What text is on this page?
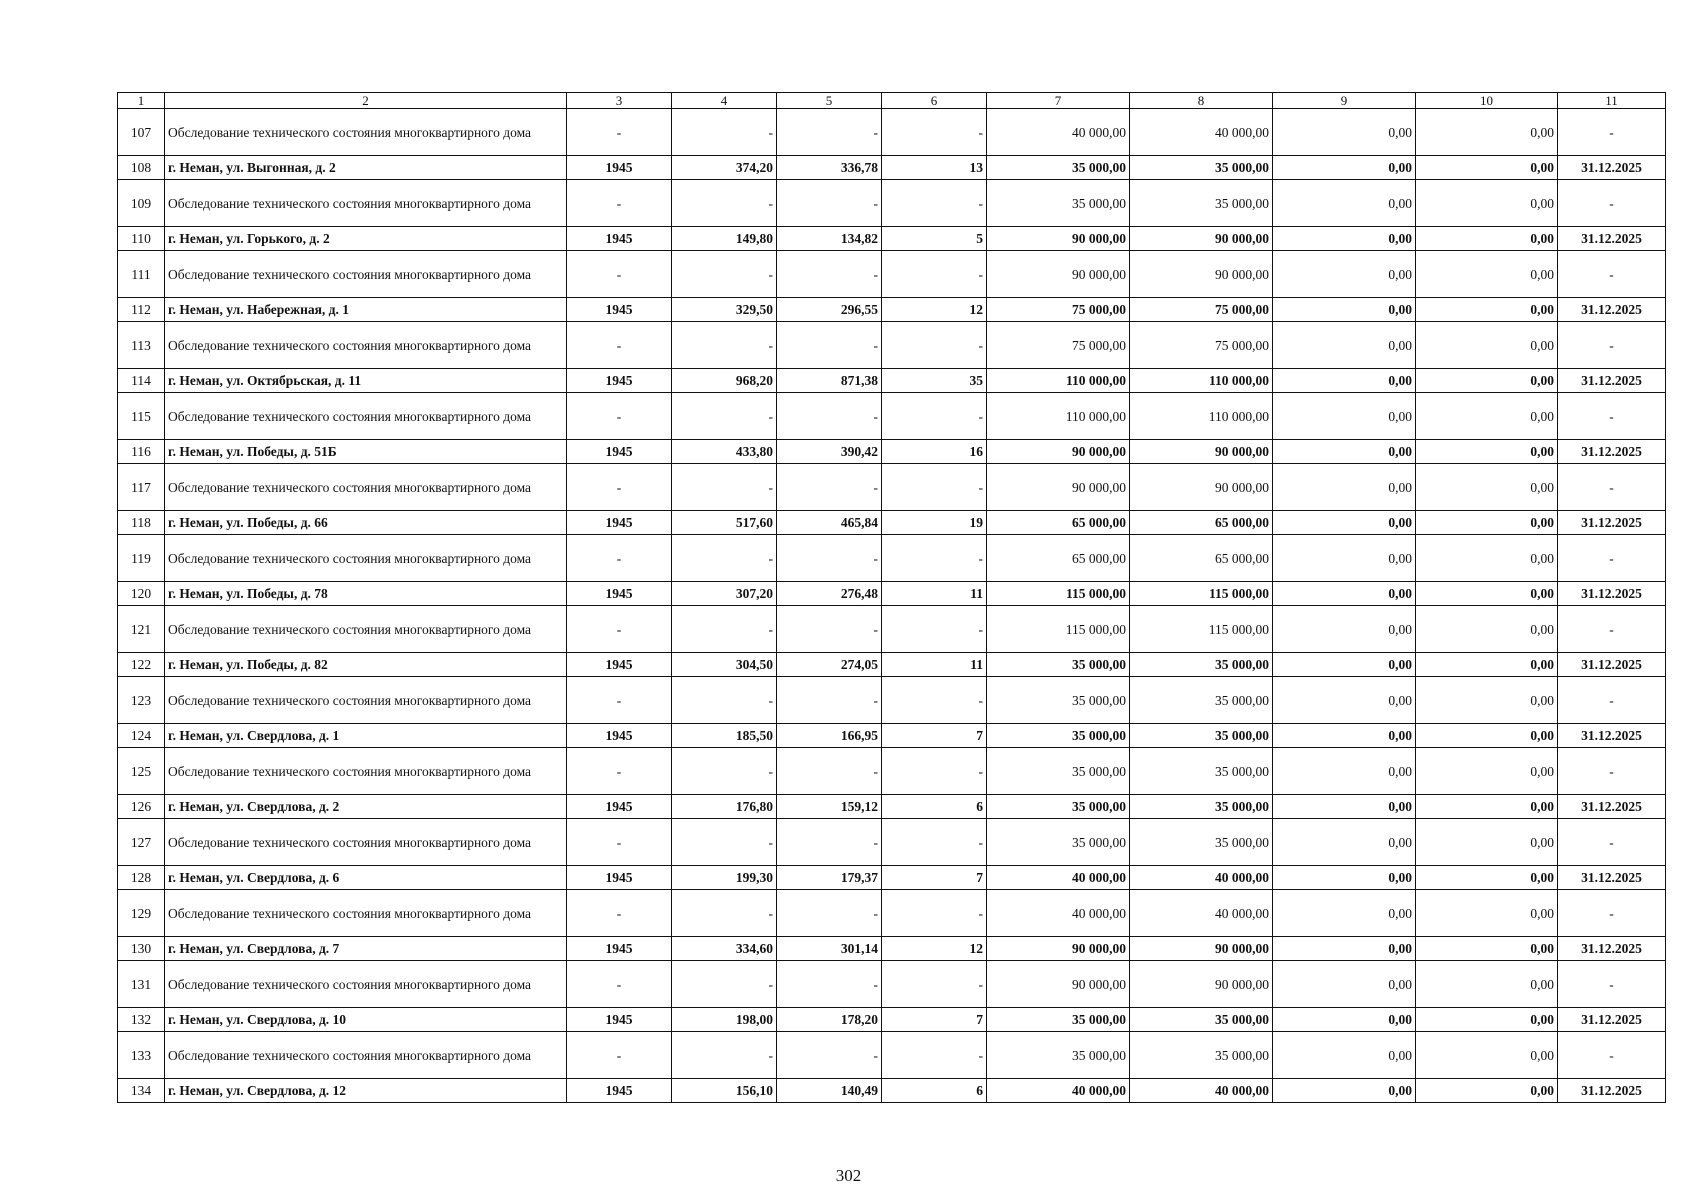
1	2	3	4	5	6	7	8	9	10	11
107	Обследование технического состояния многоквартирного дома	-	-	-	-	40 000,00	40 000,00	0,00	0,00	-
108	г. Неман, ул. Выгонная, д. 2	1945	374,20	336,78	13	35 000,00	35 000,00	0,00	0,00	31.12.2025
109	Обследование технического состояния многоквартирного дома	-	-	-	-	35 000,00	35 000,00	0,00	0,00	-
110	г. Неман, ул. Горького, д. 2	1945	149,80	134,82	5	90 000,00	90 000,00	0,00	0,00	31.12.2025
111	Обследование технического состояния многоквартирного дома	-	-	-	-	90 000,00	90 000,00	0,00	0,00	-
112	г. Неман, ул. Набережная, д. 1	1945	329,50	296,55	12	75 000,00	75 000,00	0,00	0,00	31.12.2025
113	Обследование технического состояния многоквартирного дома	-	-	-	-	75 000,00	75 000,00	0,00	0,00	-
114	г. Неман, ул. Октябрьская, д. 11	1945	968,20	871,38	35	110 000,00	110 000,00	0,00	0,00	31.12.2025
115	Обследование технического состояния многоквартирного дома	-	-	-	-	110 000,00	110 000,00	0,00	0,00	-
116	г. Неман, ул. Победы, д. 51Б	1945	433,80	390,42	16	90 000,00	90 000,00	0,00	0,00	31.12.2025
117	Обследование технического состояния многоквартирного дома	-	-	-	-	90 000,00	90 000,00	0,00	0,00	-
118	г. Неман, ул. Победы, д. 66	1945	517,60	465,84	19	65 000,00	65 000,00	0,00	0,00	31.12.2025
119	Обследование технического состояния многоквартирного дома	-	-	-	-	65 000,00	65 000,00	0,00	0,00	-
120	г. Неман, ул. Победы, д. 78	1945	307,20	276,48	11	115 000,00	115 000,00	0,00	0,00	31.12.2025
121	Обследование технического состояния многоквартирного дома	-	-	-	-	115 000,00	115 000,00	0,00	0,00	-
122	г. Неман, ул. Победы, д. 82	1945	304,50	274,05	11	35 000,00	35 000,00	0,00	0,00	31.12.2025
123	Обследование технического состояния многоквартирного дома	-	-	-	-	35 000,00	35 000,00	0,00	0,00	-
124	г. Неман, ул. Свердлова, д. 1	1945	185,50	166,95	7	35 000,00	35 000,00	0,00	0,00	31.12.2025
125	Обследование технического состояния многоквартирного дома	-	-	-	-	35 000,00	35 000,00	0,00	0,00	-
126	г. Неман, ул. Свердлова, д. 2	1945	176,80	159,12	6	35 000,00	35 000,00	0,00	0,00	31.12.2025
127	Обследование технического состояния многоквартирного дома	-	-	-	-	35 000,00	35 000,00	0,00	0,00	-
128	г. Неман, ул. Свердлова, д. 6	1945	199,30	179,37	7	40 000,00	40 000,00	0,00	0,00	31.12.2025
129	Обследование технического состояния многоквартирного дома	-	-	-	-	40 000,00	40 000,00	0,00	0,00	-
130	г. Неман, ул. Свердлова, д. 7	1945	334,60	301,14	12	90 000,00	90 000,00	0,00	0,00	31.12.2025
131	Обследование технического состояния многоквартирного дома	-	-	-	-	90 000,00	90 000,00	0,00	0,00	-
132	г. Неман, ул. Свердлова, д. 10	1945	198,00	178,20	7	35 000,00	35 000,00	0,00	0,00	31.12.2025
133	Обследование технического состояния многоквартирного дома	-	-	-	-	35 000,00	35 000,00	0,00	0,00	-
134	г. Неман, ул. Свердлова, д. 12	1945	156,10	140,49	6	40 000,00	40 000,00	0,00	0,00	31.12.2025
302
